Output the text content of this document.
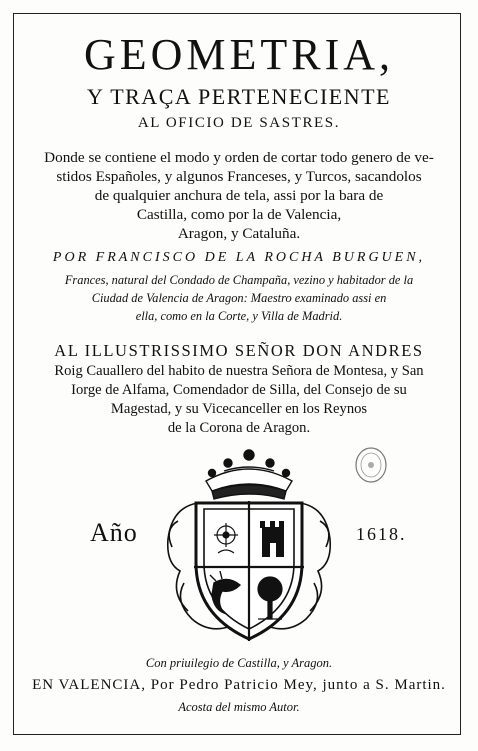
GEOMETRIA,
Y TRAÇA PERTENECIENTE
AL OFICIO DE SASTRES.
Donde se contiene el modo y orden de cortar todo genero de ve-
stidos Españoles, y algunos Franceses, y Turcos, sacandolos
de qualquier anchura de tela, assi por la bara de
Castilla, como por la de Valencia,
Aragon, y Cataluña.
POR FRANCISCO DE LA ROCHA BURGUEN,
Frances, natural del Condado de Champaña, vezino y habitador de la
Ciudad de Valencia de Aragon: Maestro examinado assi en
ella, como en la Corte, y Villa de Madrid.
AL ILLUSTRISSIMO SEÑOR DON ANDRES
Roig Cauallero del habito de nuestra Señora de Montesa, y San
Iorge de Alfama, Comendador de Silla, del Consejo de su
Magestad, y su Vicecanceller en los Reynos
de la Corona de Aragon.
Año	1618.
Con priuilegio de Castilla, y Aragon.
EN VALENCIA, Por Pedro Patricio Mey, junto a S. Martin.
Acosta del mismo Autor.
